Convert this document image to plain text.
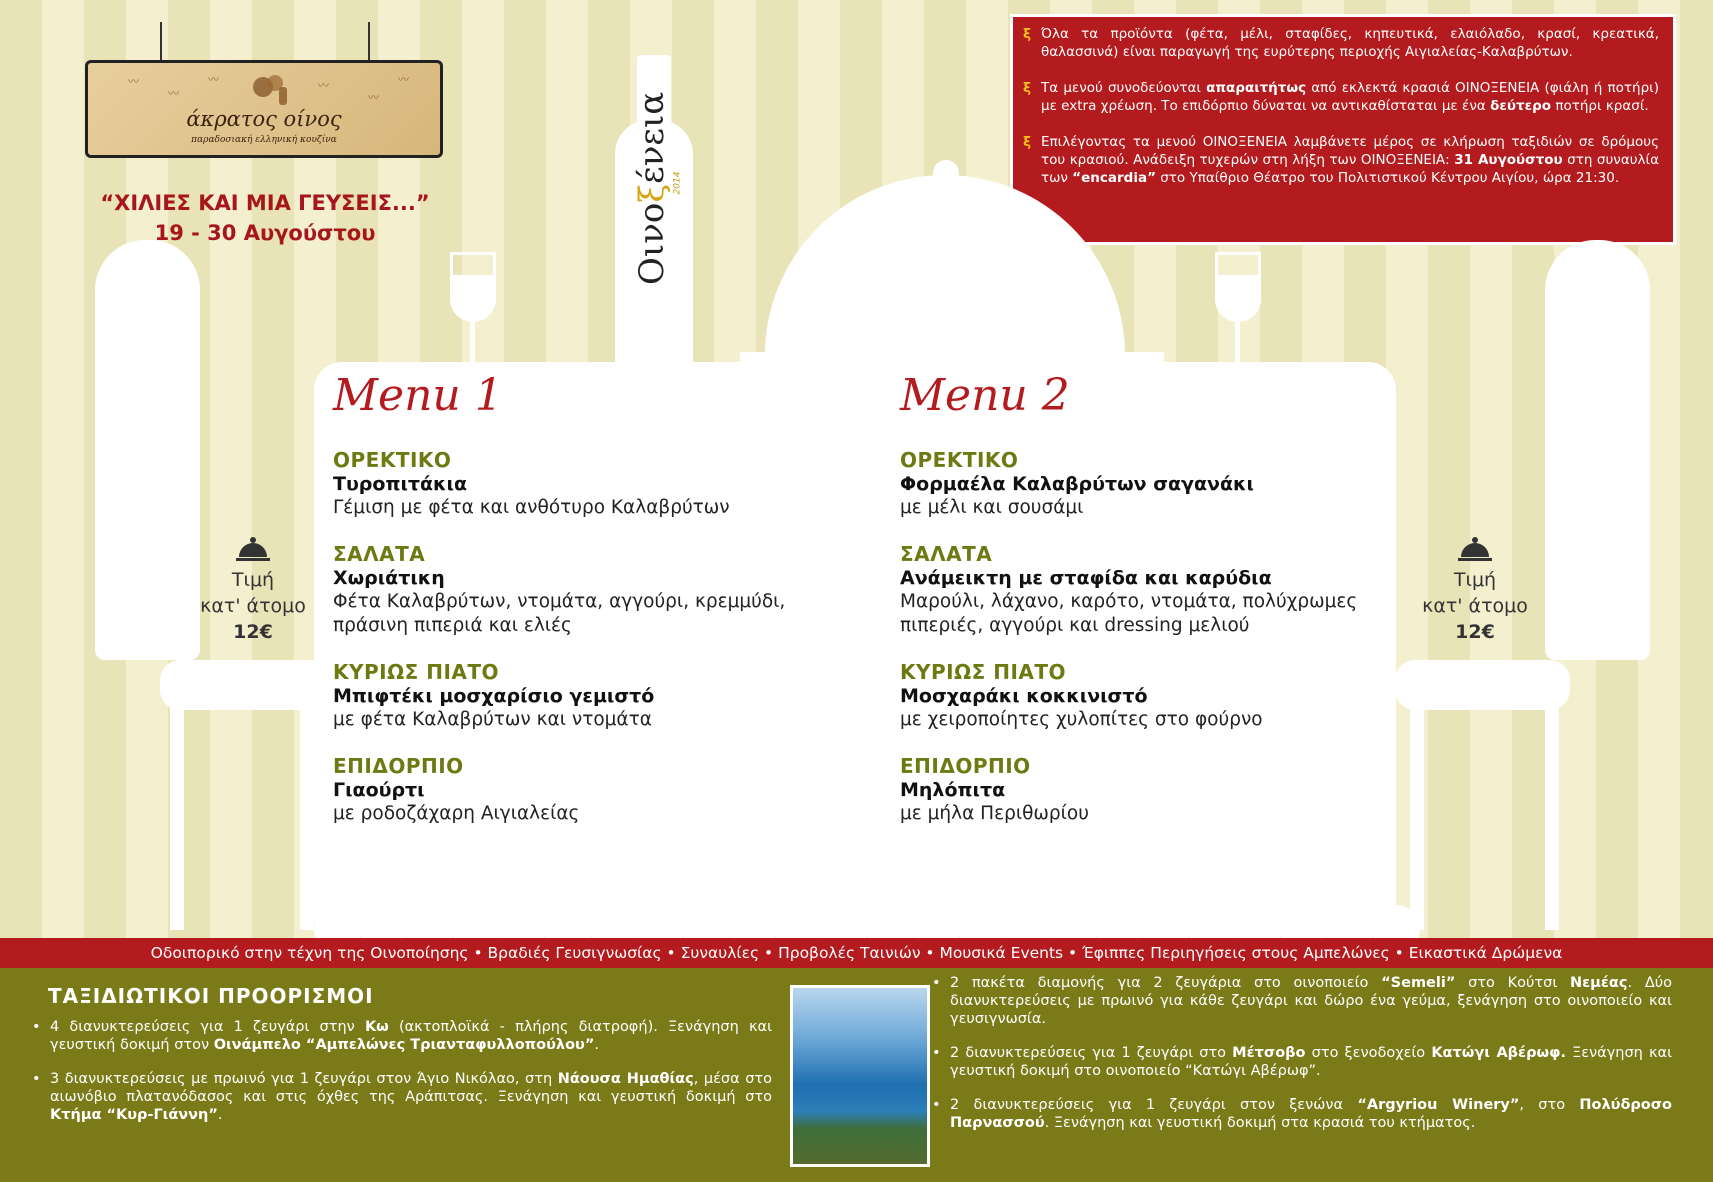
〰
〰
〰	〰
〰
〰
άκρατος οίνος
παραδοσιακή ελληνική κουζίνα
“ΧΙΛΙΕΣ ΚΑΙ ΜΙΑ ΓΕΥΣΕΙΣ...”
19 - 30 Αυγούστου

ξ Όλα τα προϊόντα (φέτα, μέλι, σταφίδες, κηπευτικά, ελαιόλαδο, κρασί, κρεατικά, θαλασσινά) είναι παραγωγή της ευρύτερης περιοχής Αιγιαλείας-Καλαβρύτων.

ξ Τα μενού συνοδεύονται απαραιτήτως από εκλεκτά κρασιά ΟΙΝΟΞΕΝΕΙΑ (φιάλη ή ποτήρι) με extra χρέωση. Το επιδόρπιο δύναται να αντικαθίσταται με ένα δεύτερο ποτήρι κρασί.

ξ Επιλέγοντας τα μενού ΟΙΝΟΞΕΝΕΙΑ λαμβάνετε μέρος σε κλήρωση ταξιδιών σε δρόμους του κρασιού. Ανάδειξη τυχερών στη λήξη των ΟΙΝΟΞΕΝΕΙΑ: 31 Αυγούστου στη συναυλία των “encardia” στο Υπαίθριο Θέατρο του Πολιτιστικού Κέντρου Αιγίου, ώρα 21:30.

Οινοξένεια 2014
Menu 1
ΟΡΕΚΤΙΚΟ
Τυροπιτάκια
Γέμιση με φέτα και ανθότυρο Καλαβρύτων
ΣΑΛΑΤΑ
Χωριάτικη
Φέτα Καλαβρύτων, ντομάτα, αγγούρι, κρεμμύδι, πράσινη πιπεριά και ελιές
ΚΥΡΙΩΣ ΠΙΑΤΟ
Μπιφτέκι μοσχαρίσιο γεμιστό
με φέτα Καλαβρύτων και ντομάτα
ΕΠΙΔΟΡΠΙΟ
Γιαούρτι
με ροδοζάχαρη Αιγιαλείας
Menu 2
ΟΡΕΚΤΙΚΟ
Φορμαέλα Καλαβρύτων σαγανάκι
με μέλι και σουσάμι
ΣΑΛΑΤΑ
Ανάμεικτη με σταφίδα και καρύδια
Μαρούλι, λάχανο, καρότο, ντομάτα, πολύχρωμες πιπεριές, αγγούρι και dressing μελιού
ΚΥΡΙΩΣ ΠΙΑΤΟ
Μοσχαράκι κοκκινιστό
με χειροποίητες χυλοπίτες στο φούρνο
ΕΠΙΔΟΡΠΙΟ
Μηλόπιτα
με μήλα Περιθωρίου
Τιμή
κατ' άτομο
12€
Τιμή
κατ' άτομο
12€
Οδοιπορικό στην τέχνη της Οινοποίησης • Βραδιές Γευσιγνωσίας • Συναυλίες • Προβολές Ταινιών • Μουσικά Events • Έφιππες Περιηγήσεις στους Αμπελώνες • Εικαστικά Δρώμενα
ΤΑΞΙΔΙΩΤΙΚΟΙ ΠΡΟΟΡΙΣΜΟΙ
• 4 διανυκτερεύσεις για 1 ζευγάρι στην Κω (ακτοπλοϊκά - πλήρης διατροφή). Ξενάγηση και γευστική δοκιμή στον Οινάμπελο “Αμπελώνες Τριανταφυλλοπούλου”.
• 3 διανυκτερεύσεις με πρωινό για 1 ζευγάρι στον Άγιο Νικόλαο, στη Νάουσα Ημαθίας, μέσα στο αιωνόβιο πλατανόδασος και στις όχθες της Αράπιτσας. Ξενάγηση και γευστική δοκιμή στο Κτήμα “Κυρ-Γιάννη”.
• 2 πακέτα διαμονής για 2 ζευγάρια στο οινοποιείο “Semeli” στο Κούτσι Νεμέας. Δύο διανυκτερεύσεις με πρωινό για κάθε ζευγάρι και δώρο ένα γεύμα, ξενάγηση στο οινοποιείο και γευσιγνωσία.
• 2 διανυκτερεύσεις για 1 ζευγάρι στο Μέτσοβο στο ξενοδοχείο Κατώγι Αβέρωφ. Ξενάγηση και γευστική δοκιμή στο οινοποιείο “Κατώγι Αβέρωφ”.
• 2 διανυκτερεύσεις για 1 ζευγάρι στον ξενώνα “Argyriou Winery”, στο Πολύδροσο Παρνασσού. Ξενάγηση και γευστική δοκιμή στα κρασιά του κτήματος.
